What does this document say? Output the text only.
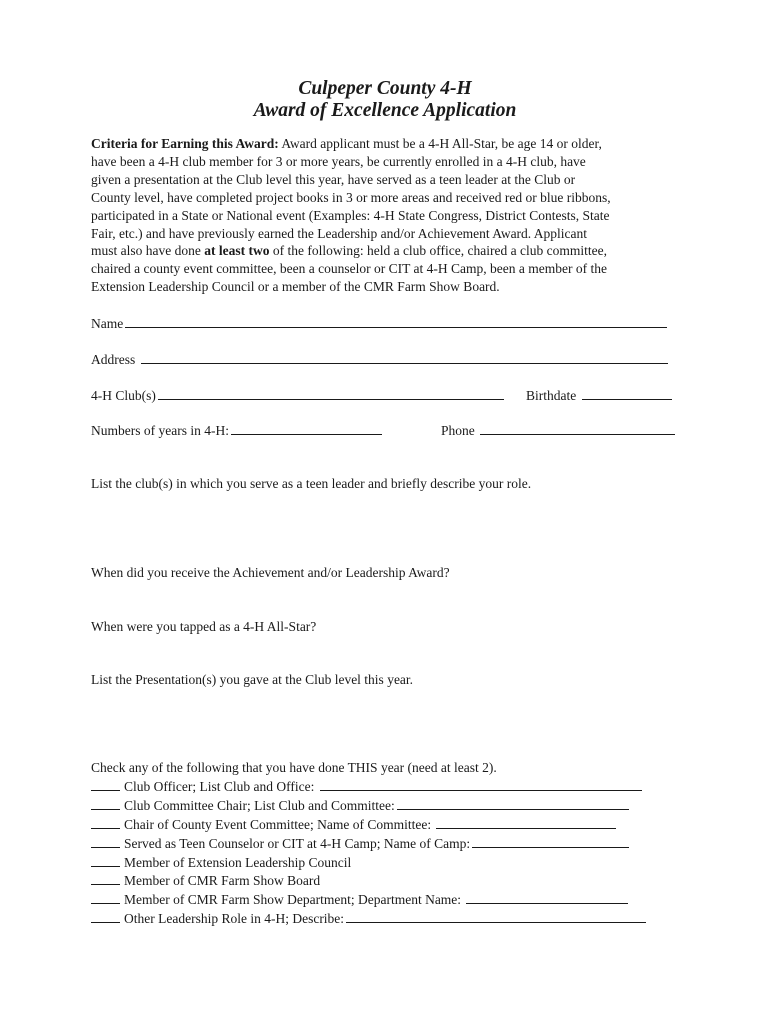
Culpeper County 4-H
Award of Excellence Application

Criteria for Earning this Award: Award applicant must be a 4-H All-Star, be age 14 or older,

have been a 4-H club member for 3 or more years, be currently enrolled in a 4-H club, have

given a presentation at the Club level this year, have served as a teen leader at the Club or

County level, have completed project books in 3 or more areas and received red or blue ribbons,

participated in a State or National event (Examples: 4-H State Congress, District Contests, State

Fair, etc.) and have previously earned the Leadership and/or Achievement Award. Applicant

must also have done at least two of the following: held a club office, chaired a club committee,

chaired a county event committee, been a counselor or CIT at 4-H Camp, been a member of the

Extension Leadership Council or a member of the CMR Farm Show Board.

Name
Address
4-H Club(s)	Birthdate
Numbers of years in 4-H:	Phone
List the club(s) in which you serve as a teen leader and briefly describe your role.
When did you receive the Achievement and/or Leadership Award?
When were you tapped as a 4-H All-Star?
List the Presentation(s) you gave at the Club level this year.
Check any of the following that you have done THIS year (need at least 2).
Club Officer; List Club and Office:
Club Committee Chair; List Club and Committee:
Chair of County Event Committee; Name of Committee:
Served as Teen Counselor or CIT at 4-H Camp; Name of Camp:
Member of Extension Leadership Council
Member of CMR Farm Show Board
Member of CMR Farm Show Department; Department Name:
Other Leadership Role in 4-H; Describe:
